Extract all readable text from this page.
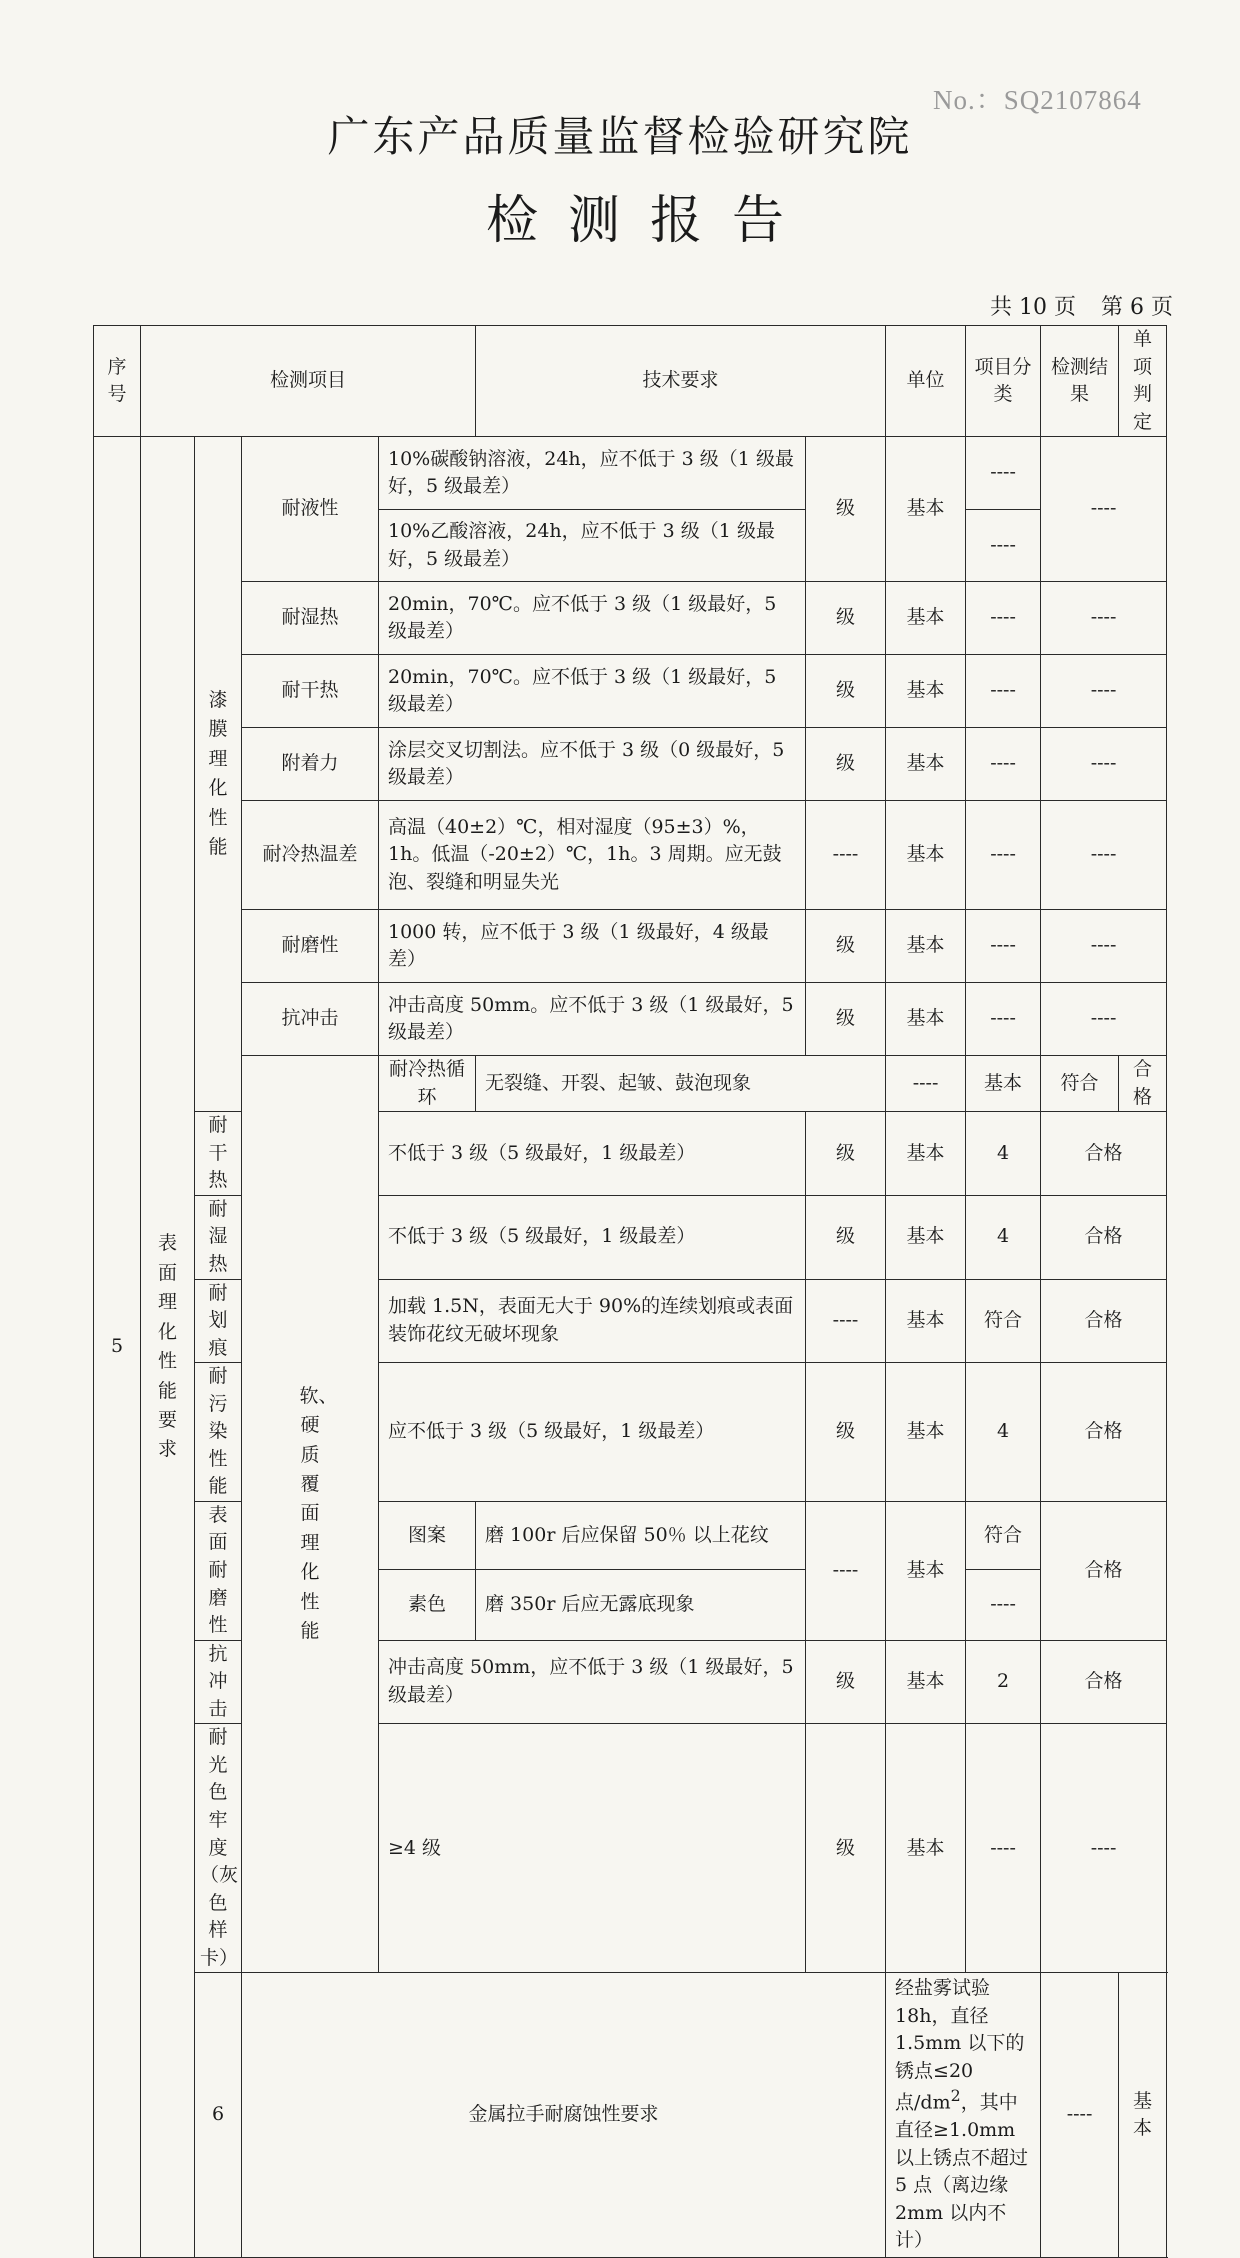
No.：SQ2107864
广东产品质量监督检验研究院
检测报告
共 10 页 第 6 页
序号	检测项目				技术要求		单位	项目分类	检测结果	单项判定	
5	表面理化性能要求	漆膜理化性能	耐液性	10%碳酸钠溶液，24h，应不低于 3 级（1 级最好，5 级最差）		级	基本	----	----		
				10%乙酸溶液，24h，应不低于 3 级（1 级最好，5 级最差）				----			
			耐湿热	20min，70℃。应不低于 3 级（1 级最好，5 级最差）		级	基本	----	----		
			耐干热	20min，70℃。应不低于 3 级（1 级最好，5 级最差）		级	基本	----	----		
			附着力	涂层交叉切割法。应不低于 3 级（0 级最好，5 级最差）		级	基本	----	----		
			耐冷热温差	高温（40±2）℃，相对湿度（95±3）%，1h。低温（-20±2）℃，1h。3 周期。应无鼓泡、裂缝和明显失光		----	基本	----	----		
			耐磨性	1000 转，应不低于 3 级（1 级最好，4 级最差）		级	基本	----	----		
			抗冲击	冲击高度 50mm。应不低于 3 级（1 级最好，5 级最差）		级	基本	----	----		

			软、硬质覆面理化性能	耐冷热循环	无裂缝、开裂、起皱、鼓泡现象		----	基本	符合	合格	
		耐干热		不低于 3 级（5 级最好，1 级最差）		级	基本	4	合格		
		耐湿热		不低于 3 级（5 级最好，1 级最差）		级	基本	4	合格		
		耐划痕		加载 1.5N，表面无大于 90%的连续划痕或表面装饰花纹无破坏现象		----	基本	符合	合格		
		耐污染性能		应不低于 3 级（5 级最好，1 级最差）		级	基本	4	合格		
		表面耐磨性		图案	磨 100r 后应保留 50％ 以上花纹	----	基本	符合	合格		
				素色	磨 350r 后应无露底现象			----			
		抗冲击		冲击高度 50mm，应不低于 3 级（1 级最好，5 级最差）		级	基本	2	合格		
		耐光色牢度（灰色样卡）		≥4 级		级	基本	----	----		
		6	金属拉手耐腐蚀性要求				经盐雾试验 18h，直径 1.5mm 以下的锈点≤20 点$/dm^2$，其中直径≥1.0mm 以上锈点不超过 5 点（离边缘 2mm 以内不计）		----	基本		
